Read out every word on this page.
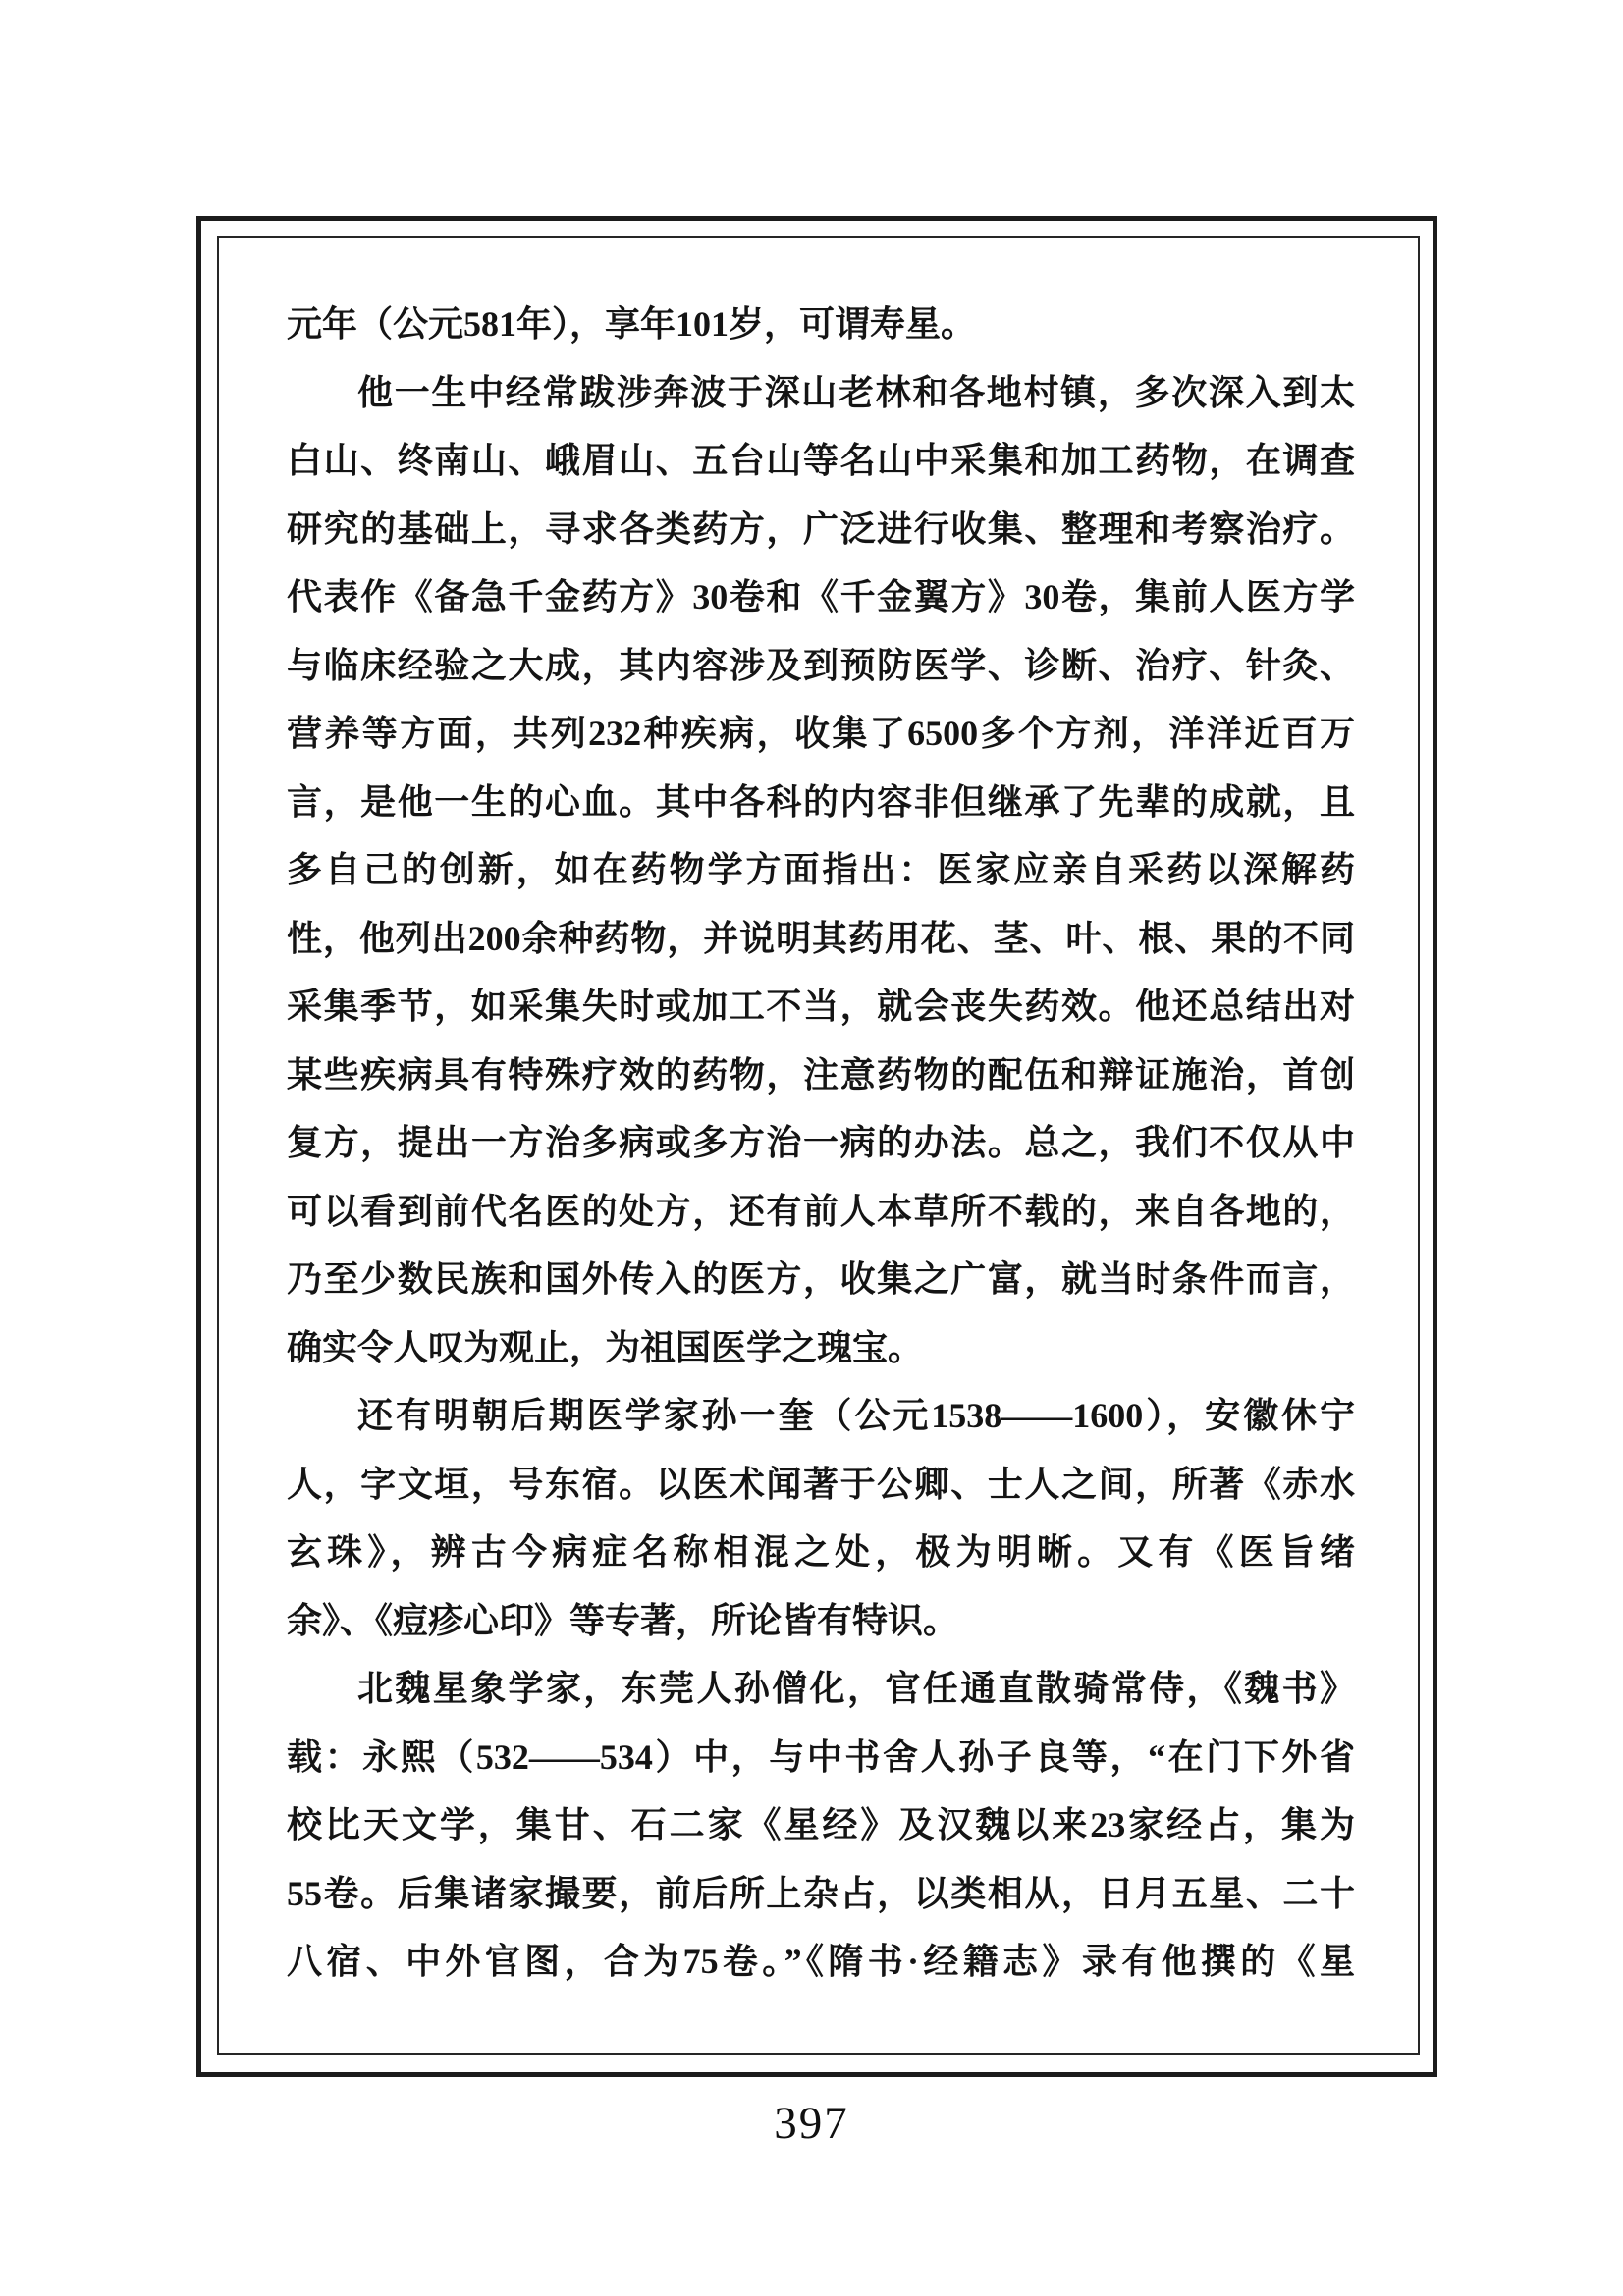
元年（公元581年），享年101岁，可谓寿星。
他一生中经常跋涉奔波于深山老林和各地村镇，多次深入到太
白山、终南山、峨眉山、五台山等名山中采集和加工药物，在调查
研究的基础上，寻求各类药方，广泛进行收集、整理和考察治疗。
代表作《备急千金药方》30卷和《千金翼方》30卷，集前人医方学
与临床经验之大成，其内容涉及到预防医学、诊断、治疗、针灸、
营养等方面，共列232种疾病，收集了6500多个方剂，洋洋近百万
言，是他一生的心血。其中各科的内容非但继承了先辈的成就，且
多自己的创新，如在药物学方面指出：医家应亲自采药以深解药
性，他列出200余种药物，并说明其药用花、茎、叶、根、果的不同
采集季节，如采集失时或加工不当，就会丧失药效。他还总结出对
某些疾病具有特殊疗效的药物，注意药物的配伍和辩证施治，首创
复方，提出一方治多病或多方治一病的办法。总之，我们不仅从中
可以看到前代名医的处方，还有前人本草所不载的，来自各地的，
乃至少数民族和国外传入的医方，收集之广富，就当时条件而言，
确实令人叹为观止，为祖国医学之瑰宝。
还有明朝后期医学家孙一奎（公元1538——1600），安徽休宁
人，字文垣，号东宿。以医术闻著于公卿、士人之间，所著《赤水
玄珠》，辨古今病症名称相混之处，极为明晰。又有《医旨绪
余》、《痘疹心印》等专著，所论皆有特识。
北魏星象学家，东莞人孙僧化，官任通直散骑常侍，《魏书》
载：永熙（532——534）中，与中书舍人孙子良等，“在门下外省
校比天文学，集甘、石二家《星经》及汉魏以来23家经占，集为
55卷。后集诸家撮要，前后所上杂占，以类相从，日月五星、二十
八宿、中外官图，合为75卷。”《隋书·经籍志》录有他撰的《星
397
